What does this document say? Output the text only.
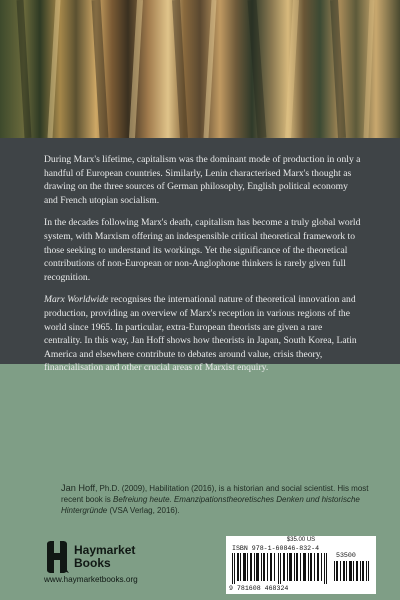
During Marx's lifetime, capitalism was the dominant mode of production in only a handful of European countries. Similarly, Lenin characterised Marx's thought as drawing on the three sources of German philosophy, English political economy and French utopian socialism.

In the decades following Marx's death, capitalism has become a truly global world system, with Marxism offering an indespensible critical theoretical framework to those seeking to understand its workings. Yet the significance of the theoretical contributions of non-European or non-Anglophone thinkers is rarely given full recognition.

Marx Worldwide recognises the international nature of theoretical innovation and production, providing an overview of Marx's reception in various regions of the world since 1965. In particular, extra-European theorists are given a rare centrality. In this way, Jan Hoff shows how theorists in Japan, South Korea, Latin America and elsewhere contribute to debates around value, crisis theory, financialisation and other crucial areas of Marxist enquiry.

Jan Hoff, Ph.D. (2009), Habilitation (2016), is a historian and social scientist. His most recent book is Befreiung heute. Emanzipationstheoretisches Denken und historische Hintergründe (VSA Verlag, 2016).
Haymarket
Books
www.haymarketbooks.org
$35.00 US
ISBN 978-1-60846-832-4
53500
9 781608 468324
